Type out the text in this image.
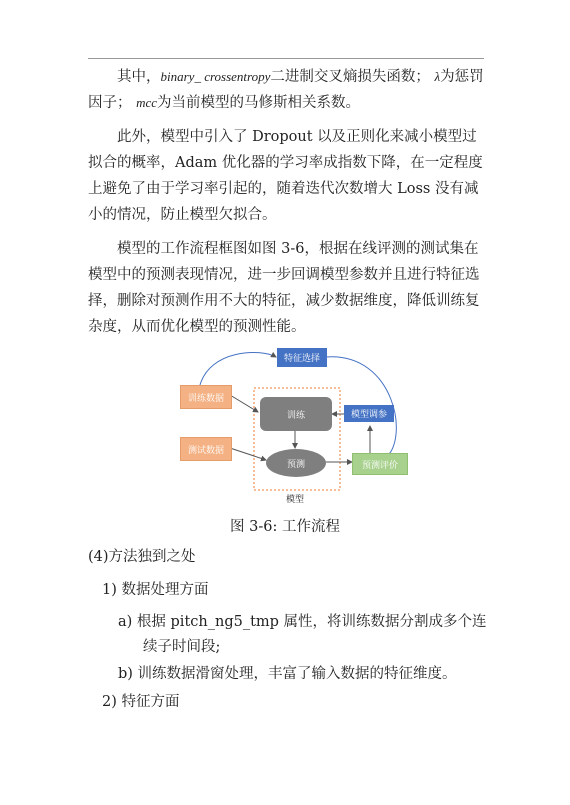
其中，binary_ crossentropy二进制交叉熵损失函数； λ为惩罚因子； mcc为当前模型的马修斯相关系数。

此外，模型中引入了 Dropout 以及正则化来减小模型过拟合的概率，Adam 优化器的学习率成指数下降，在一定程度上避免了由于学习率引起的，随着迭代次数增大 Loss 没有减小的情况，防止模型欠拟合。

模型的工作流程框图如图 3-6，根据在线评测的测试集在模型中的预测表现情况，进一步回调模型参数并且进行特征选择，删除对预测作用不大的特征，减少数据维度，降低训练复杂度，从而优化模型的预测性能。

特征选择
训练数据
训练	模型调参
测试数据
预测	预测评价
模型
图 3-6: 工作流程
(4)方法独到之处
1) 数据处理方面
a) 根据 pitch_ng5_tmp 属性，将训练数据分割成多个连
续子时间段;
b) 训练数据滑窗处理，丰富了输入数据的特征维度。
2) 特征方面
